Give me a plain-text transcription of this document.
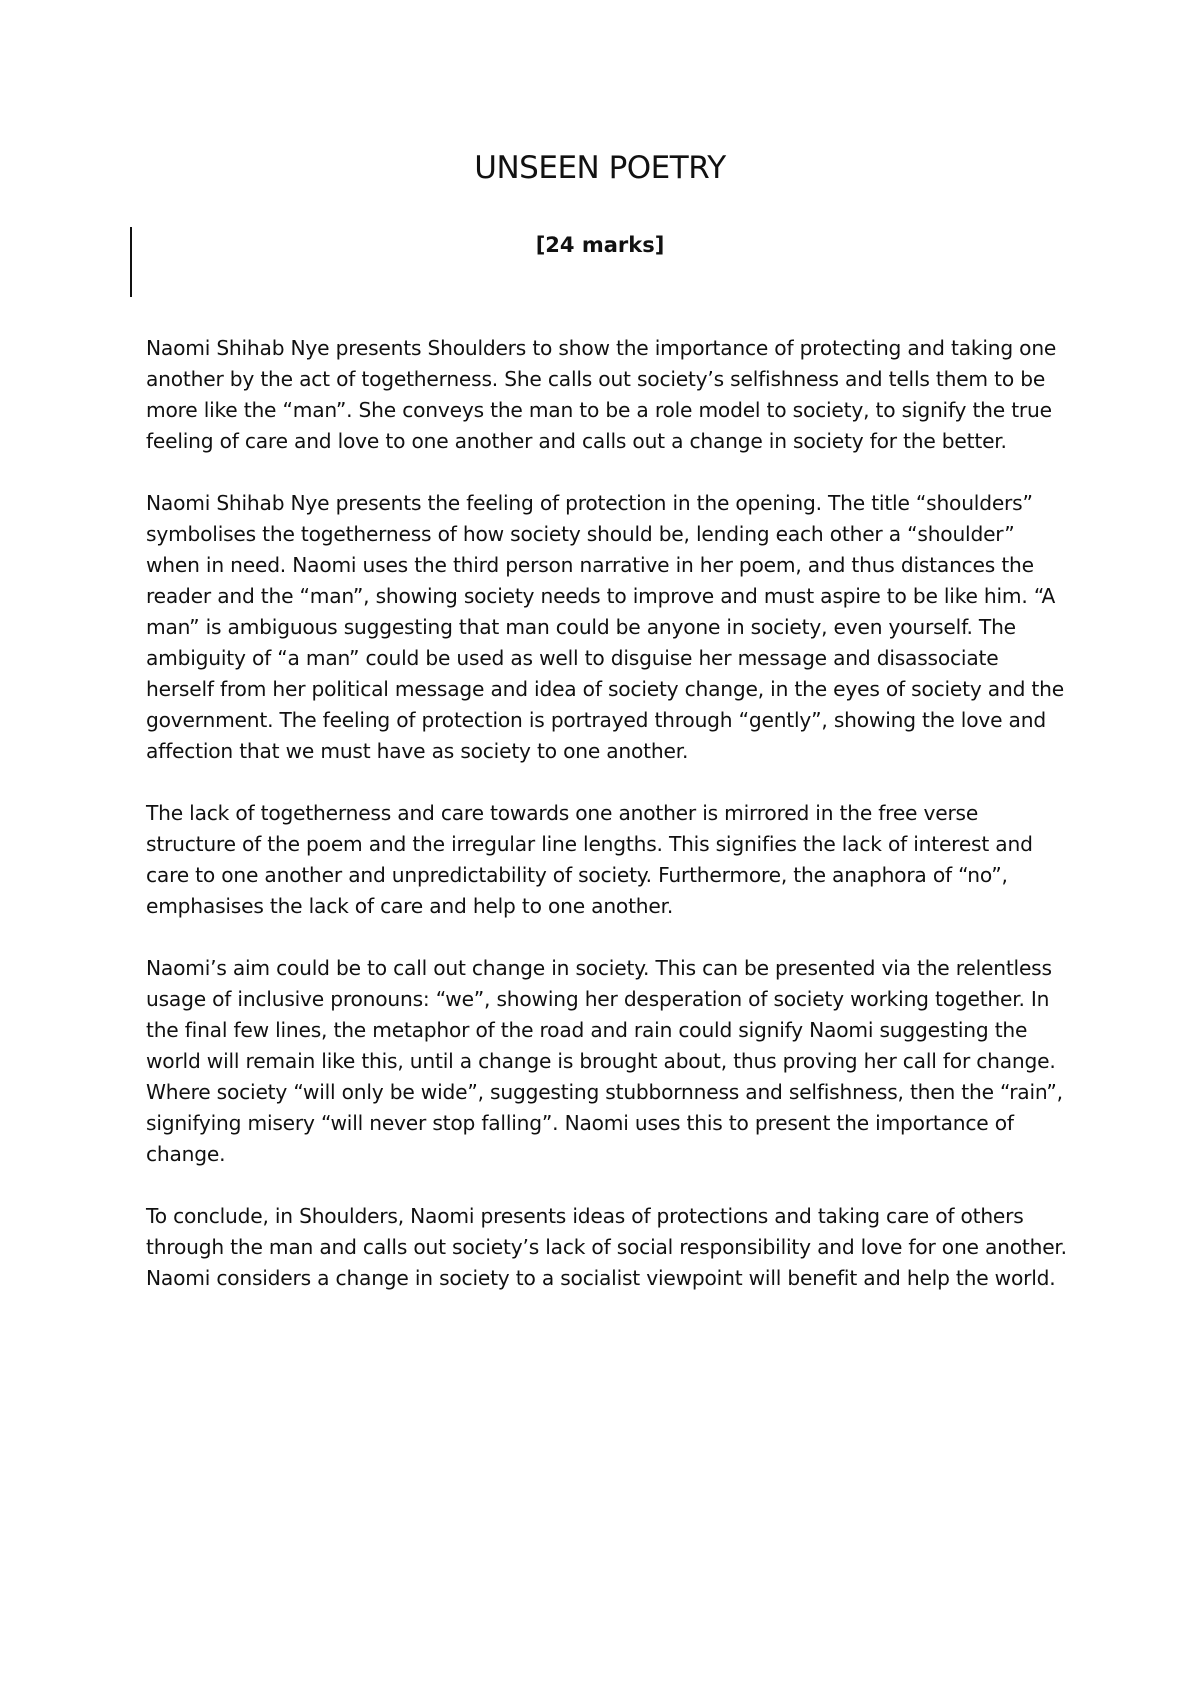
UNSEEN POETRY

[24 marks]

Naomi Shihab Nye presents Shoulders to show the importance of protecting and taking one another by the act of togetherness. She calls out society’s selfishness and tells them to be more like the “man”. She conveys the man to be a role model to society, to signify the true feeling of care and love to one another and calls out a change in society for the better.

Naomi Shihab Nye presents the feeling of protection in the opening. The title “shoulders” symbolises the togetherness of how society should be, lending each other a “shoulder” when in need. Naomi uses the third person narrative in her poem, and thus distances the reader and the “man”, showing society needs to improve and must aspire to be like him. “A man” is ambiguous suggesting that man could be anyone in society, even yourself. The ambiguity of “a man” could be used as well to disguise her message and disassociate herself from her political message and idea of society change, in the eyes of society and the government. The feeling of protection is portrayed through “gently”, showing the love and affection that we must have as society to one another.

The lack of togetherness and care towards one another is mirrored in the free verse structure of the poem and the irregular line lengths. This signifies the lack of interest and care to one another and unpredictability of society. Furthermore, the anaphora of “no”, emphasises the lack of care and help to one another.

Naomi’s aim could be to call out change in society. This can be presented via the relentless usage of inclusive pronouns: “we”, showing her desperation of society working together. In the final few lines, the metaphor of the road and rain could signify Naomi suggesting the world will remain like this, until a change is brought about, thus proving her call for change. Where society “will only be wide”, suggesting stubbornness and selfishness, then the “rain”, signifying misery “will never stop falling”. Naomi uses this to present the importance of change.

To conclude, in Shoulders, Naomi presents ideas of protections and taking care of others through the man and calls out society’s lack of social responsibility and love for one another. Naomi considers a change in society to a socialist viewpoint will benefit and help the world.
